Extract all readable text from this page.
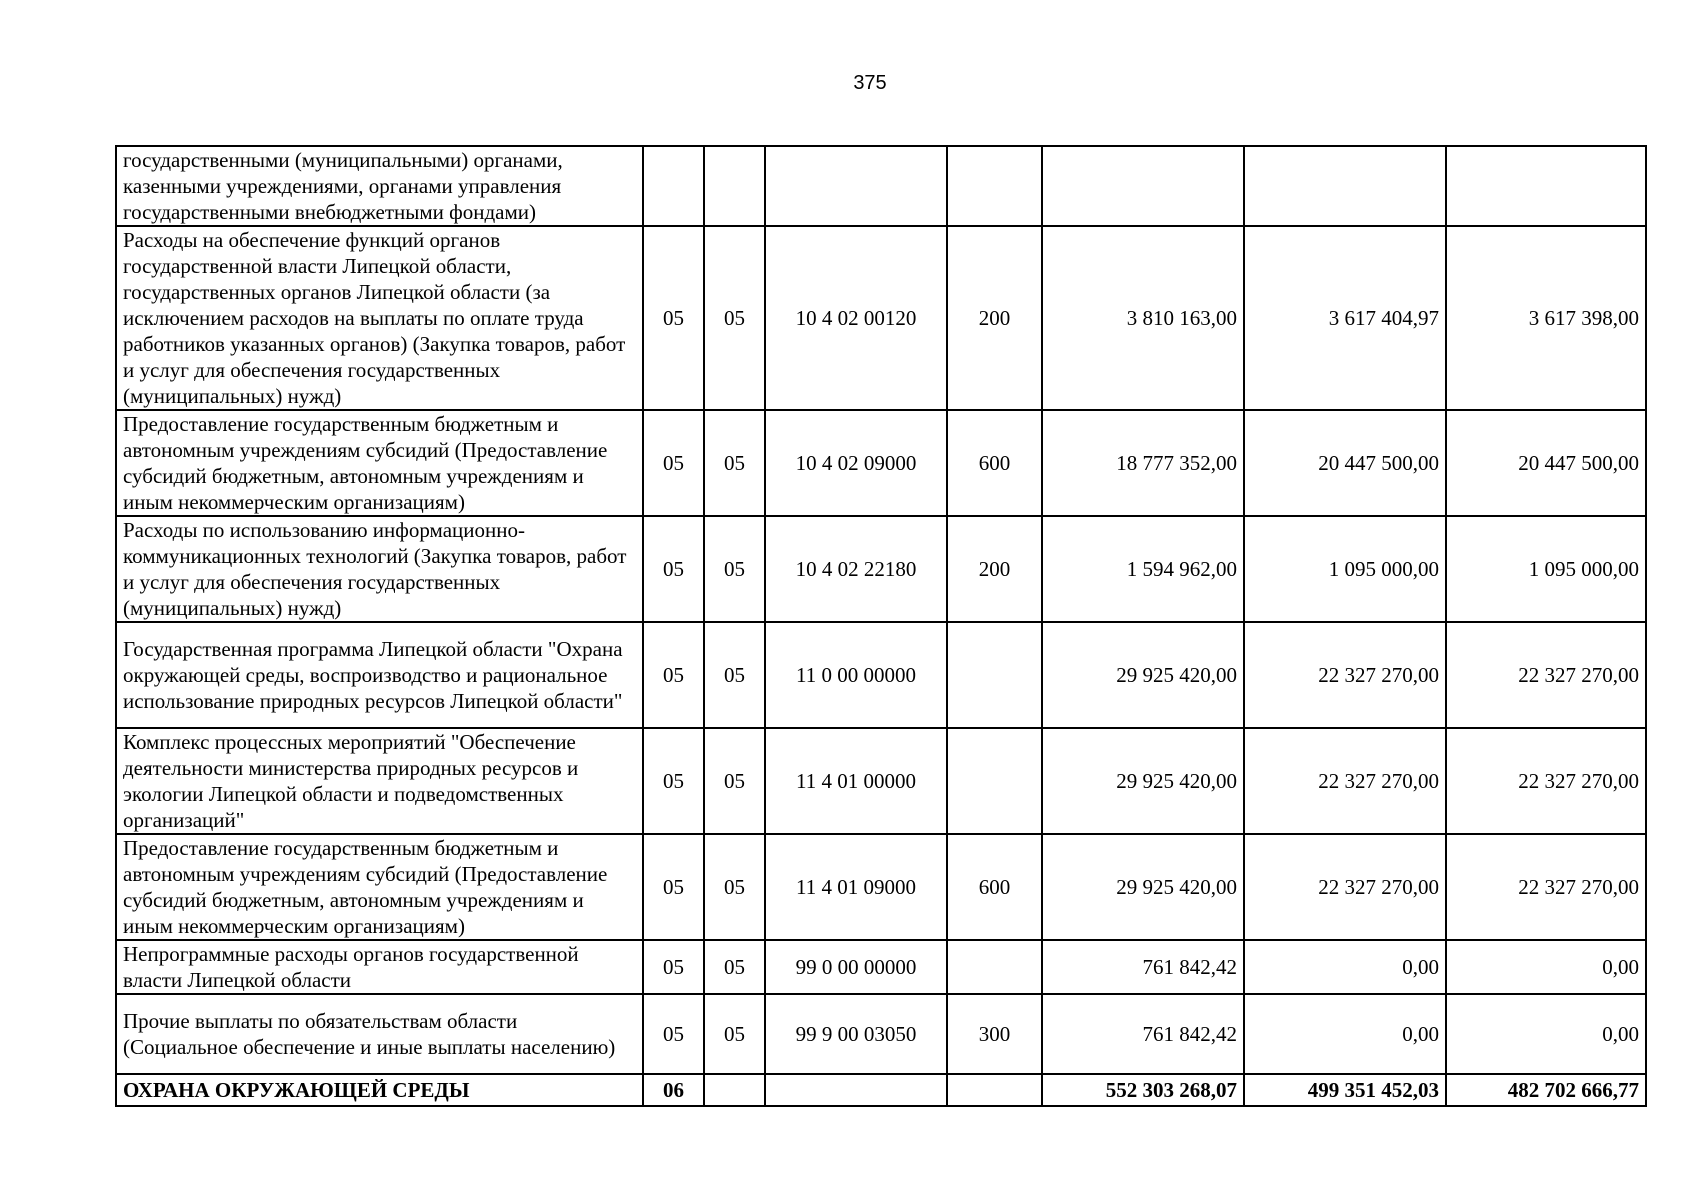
375
государственными (муниципальными) органами, казенными учреждениями, органами управления государственными внебюджетными фондами)							
Расходы на обеспечение функций органов государственной власти Липецкой области, государственных органов Липецкой области (за исключением расходов на выплаты по оплате труда работников указанных органов) (Закупка товаров, работ и услуг для обеспечения государственных (муниципальных) нужд)	05	05	10 4 02 00120	200	3 810 163,00	3 617 404,97	3 617 398,00
Предоставление государственным бюджетным и автономным учреждениям субсидий (Предоставление субсидий бюджетным, автономным учреждениям и иным некоммерческим организациям)	05	05	10 4 02 09000	600	18 777 352,00	20 447 500,00	20 447 500,00
Расходы по использованию информационно-коммуникационных технологий (Закупка товаров, работ и услуг для обеспечения государственных (муниципальных) нужд)	05	05	10 4 02 22180	200	1 594 962,00	1 095 000,00	1 095 000,00
Государственная программа Липецкой области "Охрана окружающей среды, воспроизводство и рациональное использование природных ресурсов Липецкой области"	05	05	11 0 00 00000		29 925 420,00	22 327 270,00	22 327 270,00
Комплекс процессных мероприятий "Обеспечение деятельности министерства природных ресурсов и экологии Липецкой области и подведомственных организаций"	05	05	11 4 01 00000		29 925 420,00	22 327 270,00	22 327 270,00
Предоставление государственным бюджетным и автономным учреждениям субсидий (Предоставление субсидий бюджетным, автономным учреждениям и иным некоммерческим организациям)	05	05	11 4 01 09000	600	29 925 420,00	22 327 270,00	22 327 270,00
Непрограммные расходы органов государственной власти Липецкой области	05	05	99 0 00 00000		761 842,42	0,00	0,00
Прочие выплаты по обязательствам области (Социальное обеспечение и иные выплаты населению)	05	05	99 9 00 03050	300	761 842,42	0,00	0,00
ОХРАНА ОКРУЖАЮЩЕЙ СРЕДЫ	06				552 303 268,07	499 351 452,03	482 702 666,77
